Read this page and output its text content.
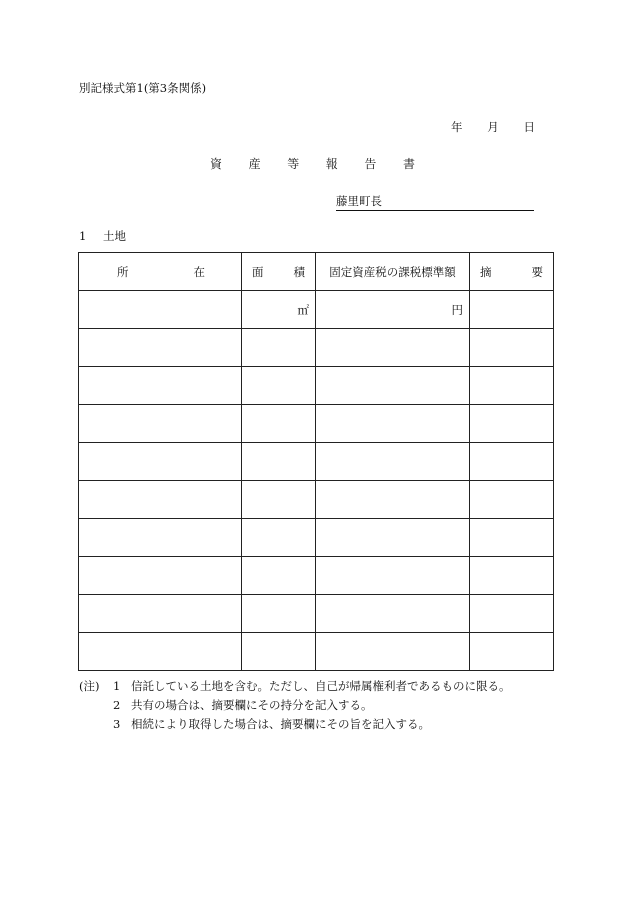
別記様式第1(第3条関係)
年 月 日
資 産 等 報 告 書
藤里町長
1 土地
所 在	面 積	固定資産税の課税標準額	摘 要

	㎡	円	

(注)	1 信託している土地を含む。ただし、自己が帰属権利者であるものに限る。
2 共有の場合は、摘要欄にその持分を記入する。
3 相続により取得した場合は、摘要欄にその旨を記入する。
